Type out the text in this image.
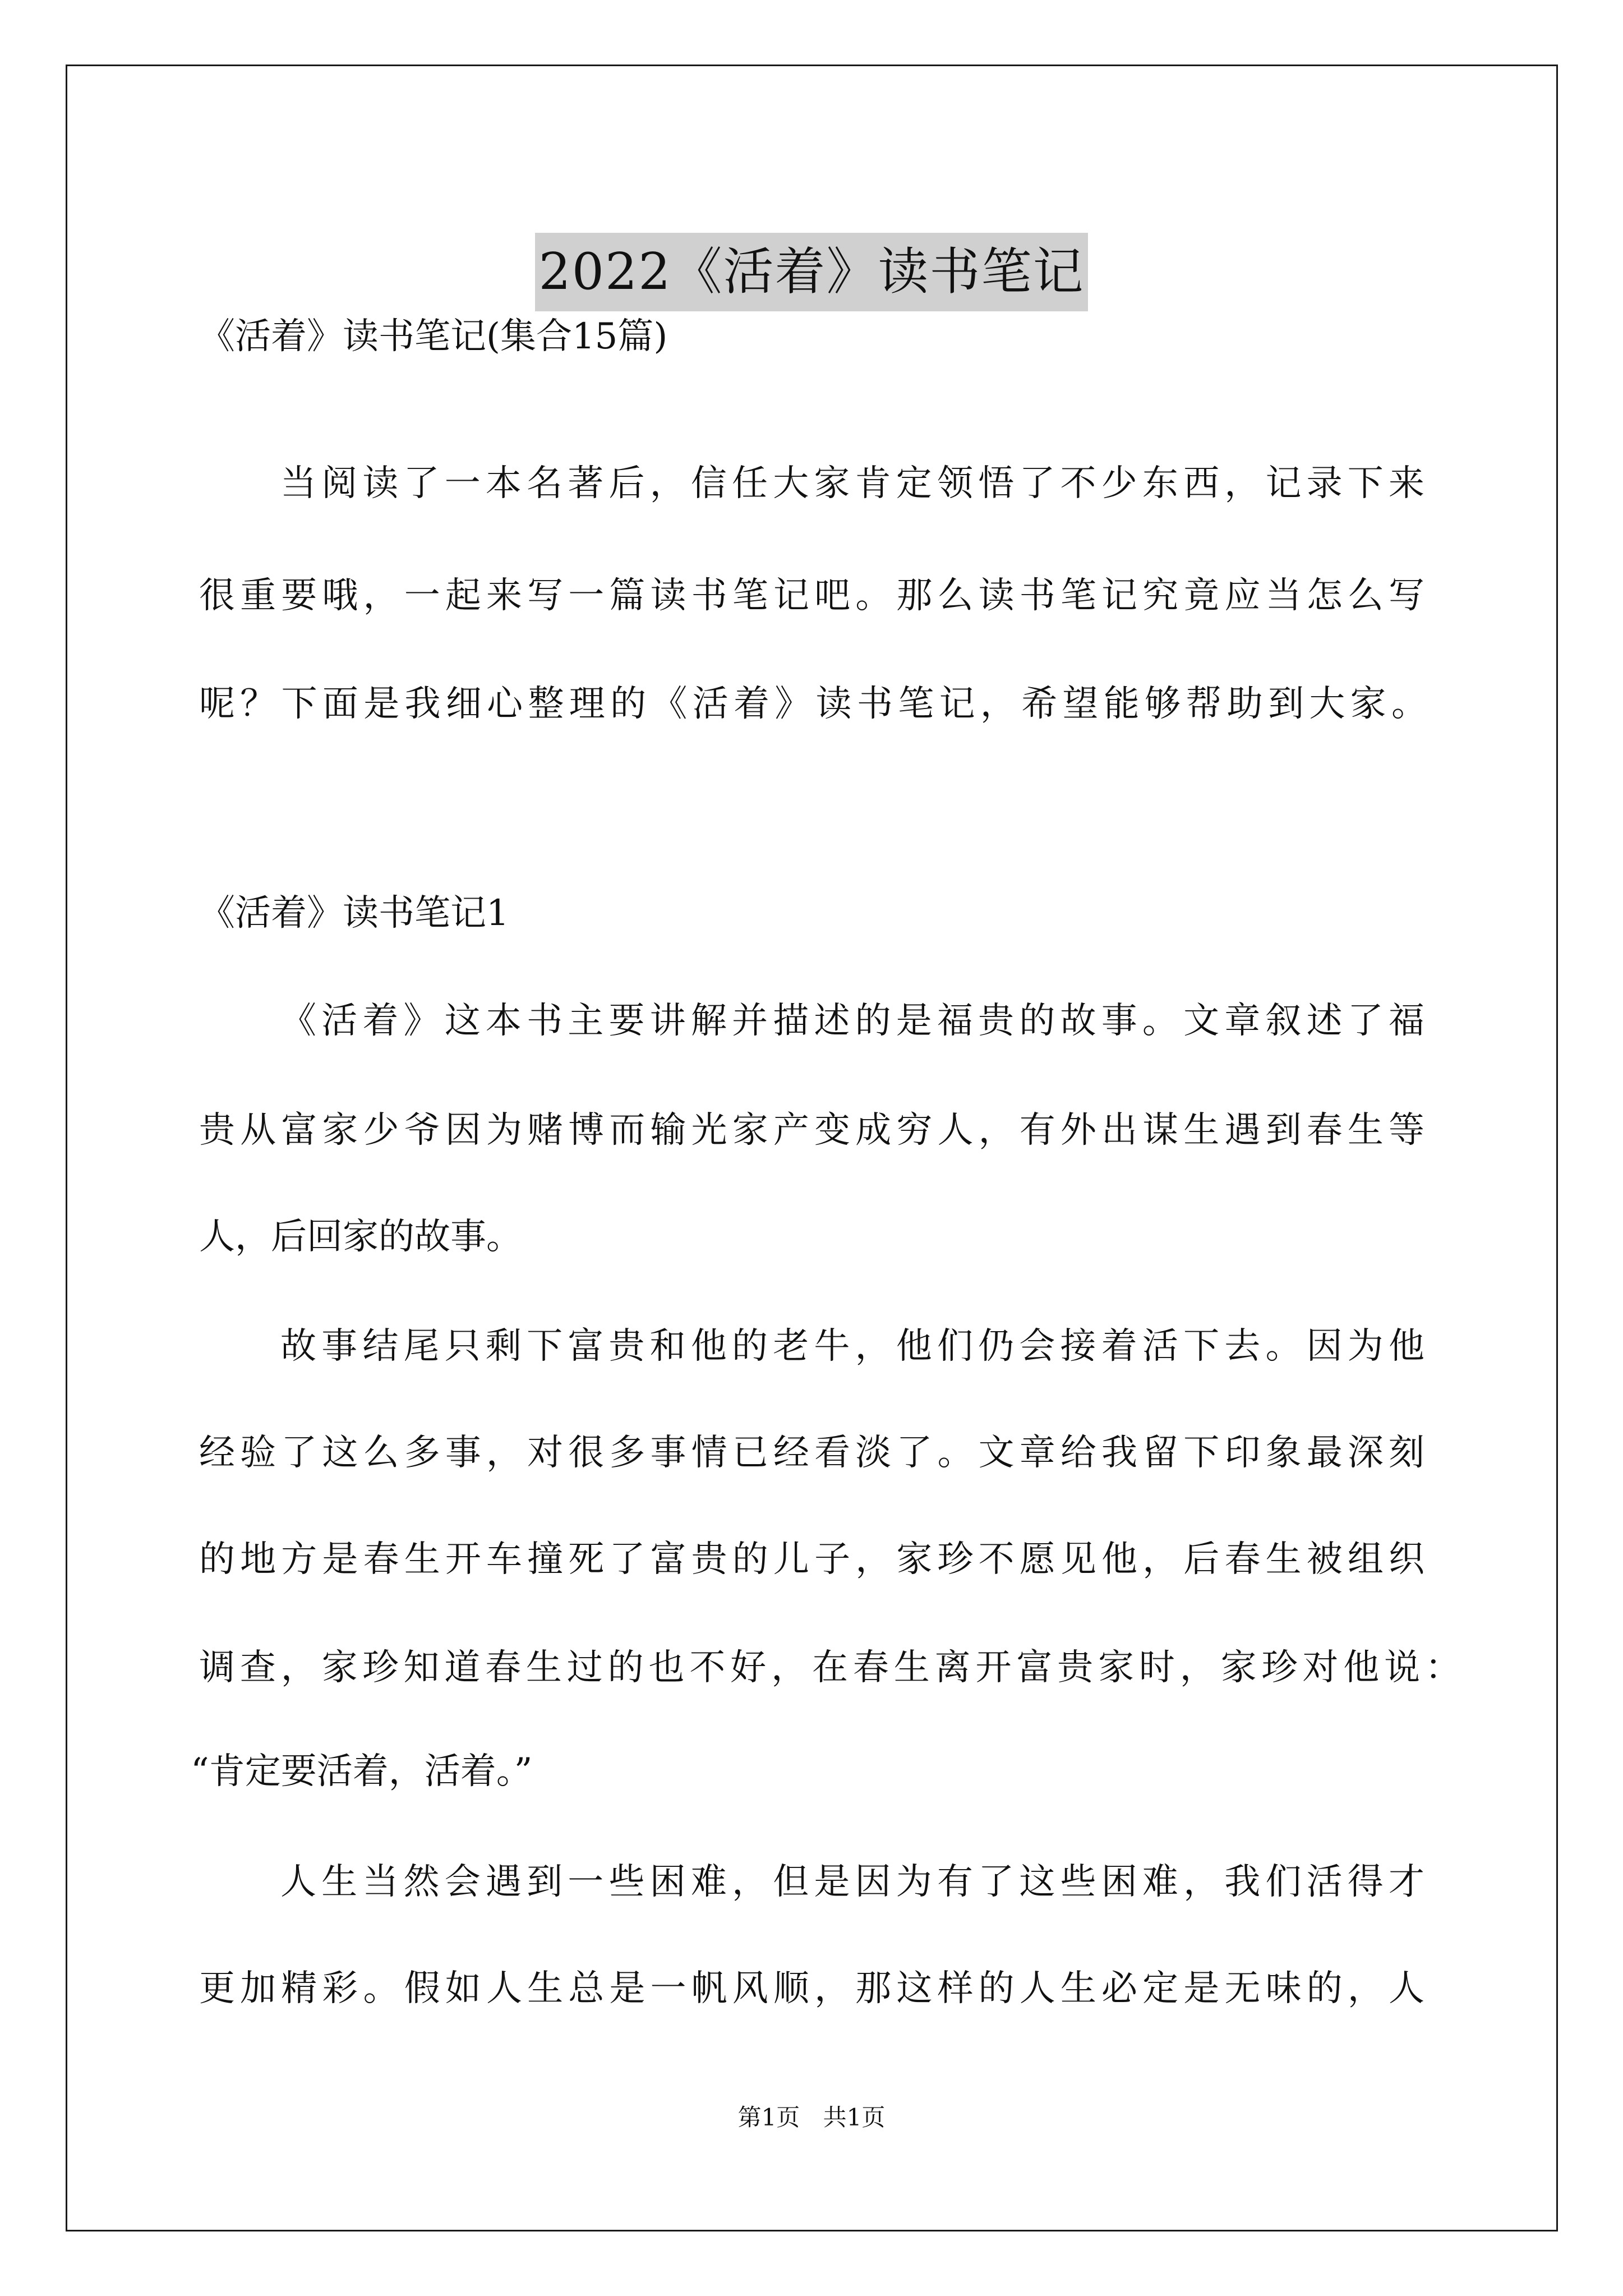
2022《活着》读书笔记

《活着》读书笔记(集合15篇)

当阅读了一本名著后，信任大家肯定领悟了不少东西，记录下来

很重要哦，一起来写一篇读书笔记吧。那么读书笔记究竟应当怎么写

呢？下面是我细心整理的《活着》读书笔记，希望能够帮助到大家。

《活着》读书笔记1

《活着》这本书主要讲解并描述的是福贵的故事。文章叙述了福

贵从富家少爷因为赌博而输光家产变成穷人，有外出谋生遇到春生等

人，后回家的故事。

故事结尾只剩下富贵和他的老牛，他们仍会接着活下去。因为他

经验了这么多事，对很多事情已经看淡了。文章给我留下印象最深刻

的地方是春生开车撞死了富贵的儿子，家珍不愿见他，后春生被组织

调查，家珍知道春生过的也不好，在春生离开富贵家时，家珍对他说：

“肯定要活着，活着。”

人生当然会遇到一些困难，但是因为有了这些困难，我们活得才

更加精彩。假如人生总是一帆风顺，那这样的人生必定是无味的，人

第1页 共1页
